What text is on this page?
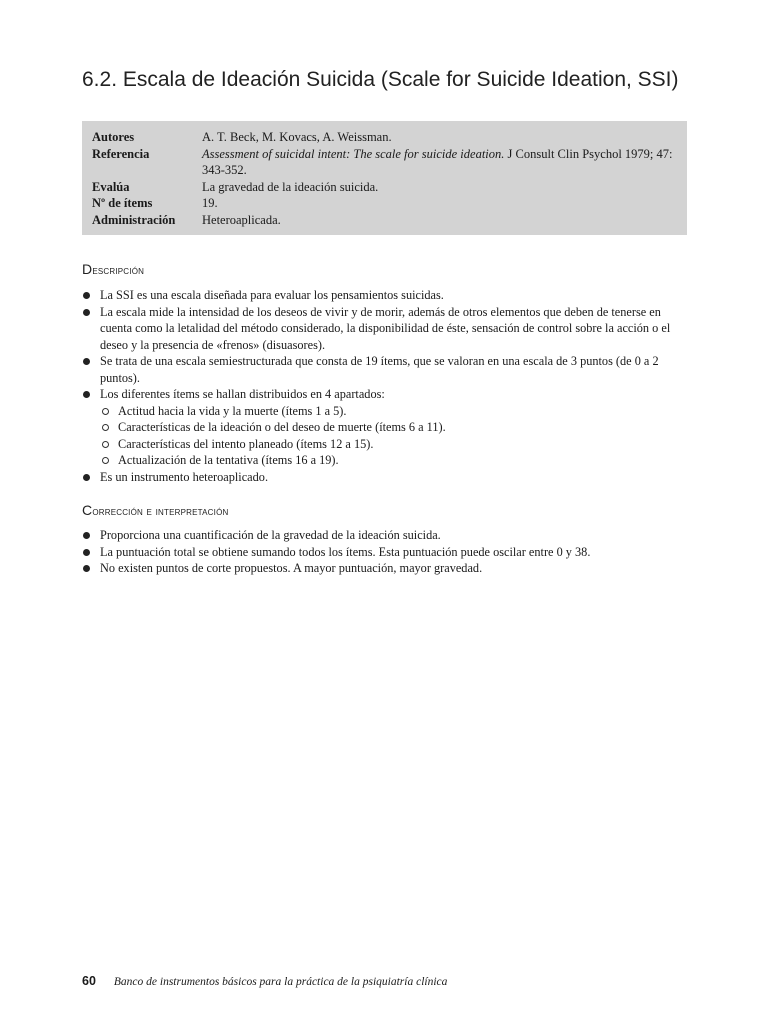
6.2. Escala de Ideación Suicida (Scale for Suicide Ideation, SSI)
Autores	A. T. Beck, M. Kovacs, A. Weissman.
Referencia	Assessment of suicidal intent: The scale for suicide ideation. J Consult Clin Psychol 1979; 47: 343-352.
Evalúa	La gravedad de la ideación suicida.
Nº de ítems	19.
Administración	Heteroaplicada.
Descripción
La SSI es una escala diseñada para evaluar los pensamientos suicidas.
La escala mide la intensidad de los deseos de vivir y de morir, además de otros elementos que deben de tenerse en cuenta como la letalidad del método considerado, la disponibilidad de éste, sensación de control sobre la acción o el deseo y la presencia de «frenos» (disuasores).
Se trata de una escala semiestructurada que consta de 19 ítems, que se valoran en una escala de 3 puntos (de 0 a 2 puntos).
Los diferentes ítems se hallan distribuidos en 4 apartados:
Actitud hacia la vida y la muerte (ítems 1 a 5).
Características de la ideación o del deseo de muerte (ítems 6 a 11).
Características del intento planeado (ítems 12 a 15).
Actualización de la tentativa (ítems 16 a 19).
Es un instrumento heteroaplicado.
Corrección e interpretación
Proporciona una cuantificación de la gravedad de la ideación suicida.
La puntuación total se obtiene sumando todos los ítems. Esta puntuación puede oscilar entre 0 y 38.
No existen puntos de corte propuestos. A mayor puntuación, mayor gravedad.
60 Banco de instrumentos básicos para la práctica de la psiquiatría clínica
